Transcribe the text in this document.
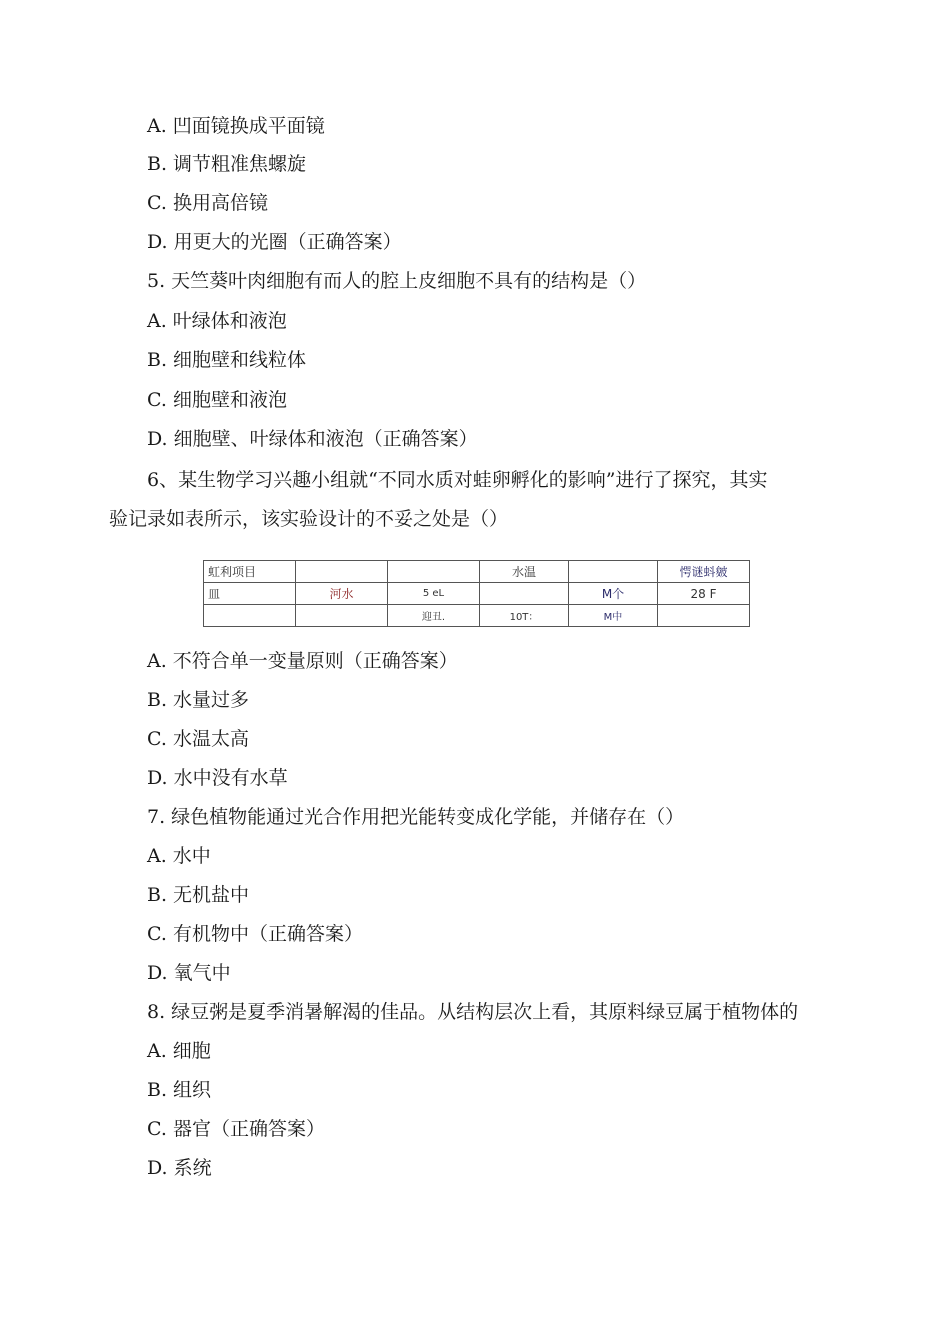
A. 凹面镜换成平面镜
B. 调节粗准焦螺旋
C. 换用高倍镜
D. 用更大的光圈（正确答案）
5. 天竺葵叶肉细胞有而人的腔上皮细胞不具有的结构是（）
A. 叶绿体和液泡
B. 细胞壁和线粒体
C. 细胞壁和液泡
D. 细胞壁、叶绿体和液泡（正确答案）
6、某生物学习兴趣小组就“不同水质对蛙卵孵化的影响”进行了探究，其实
验记录如表所示，该实验设计的不妥之处是（）
虹利项目			水温		愕谜蚪皴
皿	河水	5 eL		M个	28 F
		迎丑.	10T：	M中	
A. 不符合单一变量原则（正确答案）
B. 水量过多
C. 水温太高
D. 水中没有水草
7. 绿色植物能通过光合作用把光能转变成化学能，并储存在（）
A. 水中
B. 无机盐中
C. 有机物中（正确答案）
D. 氧气中
8. 绿豆粥是夏季消暑解渴的佳品。从结构层次上看，其原料绿豆属于植物体的
A. 细胞
B. 组织
C. 器官（正确答案）
D. 系统
